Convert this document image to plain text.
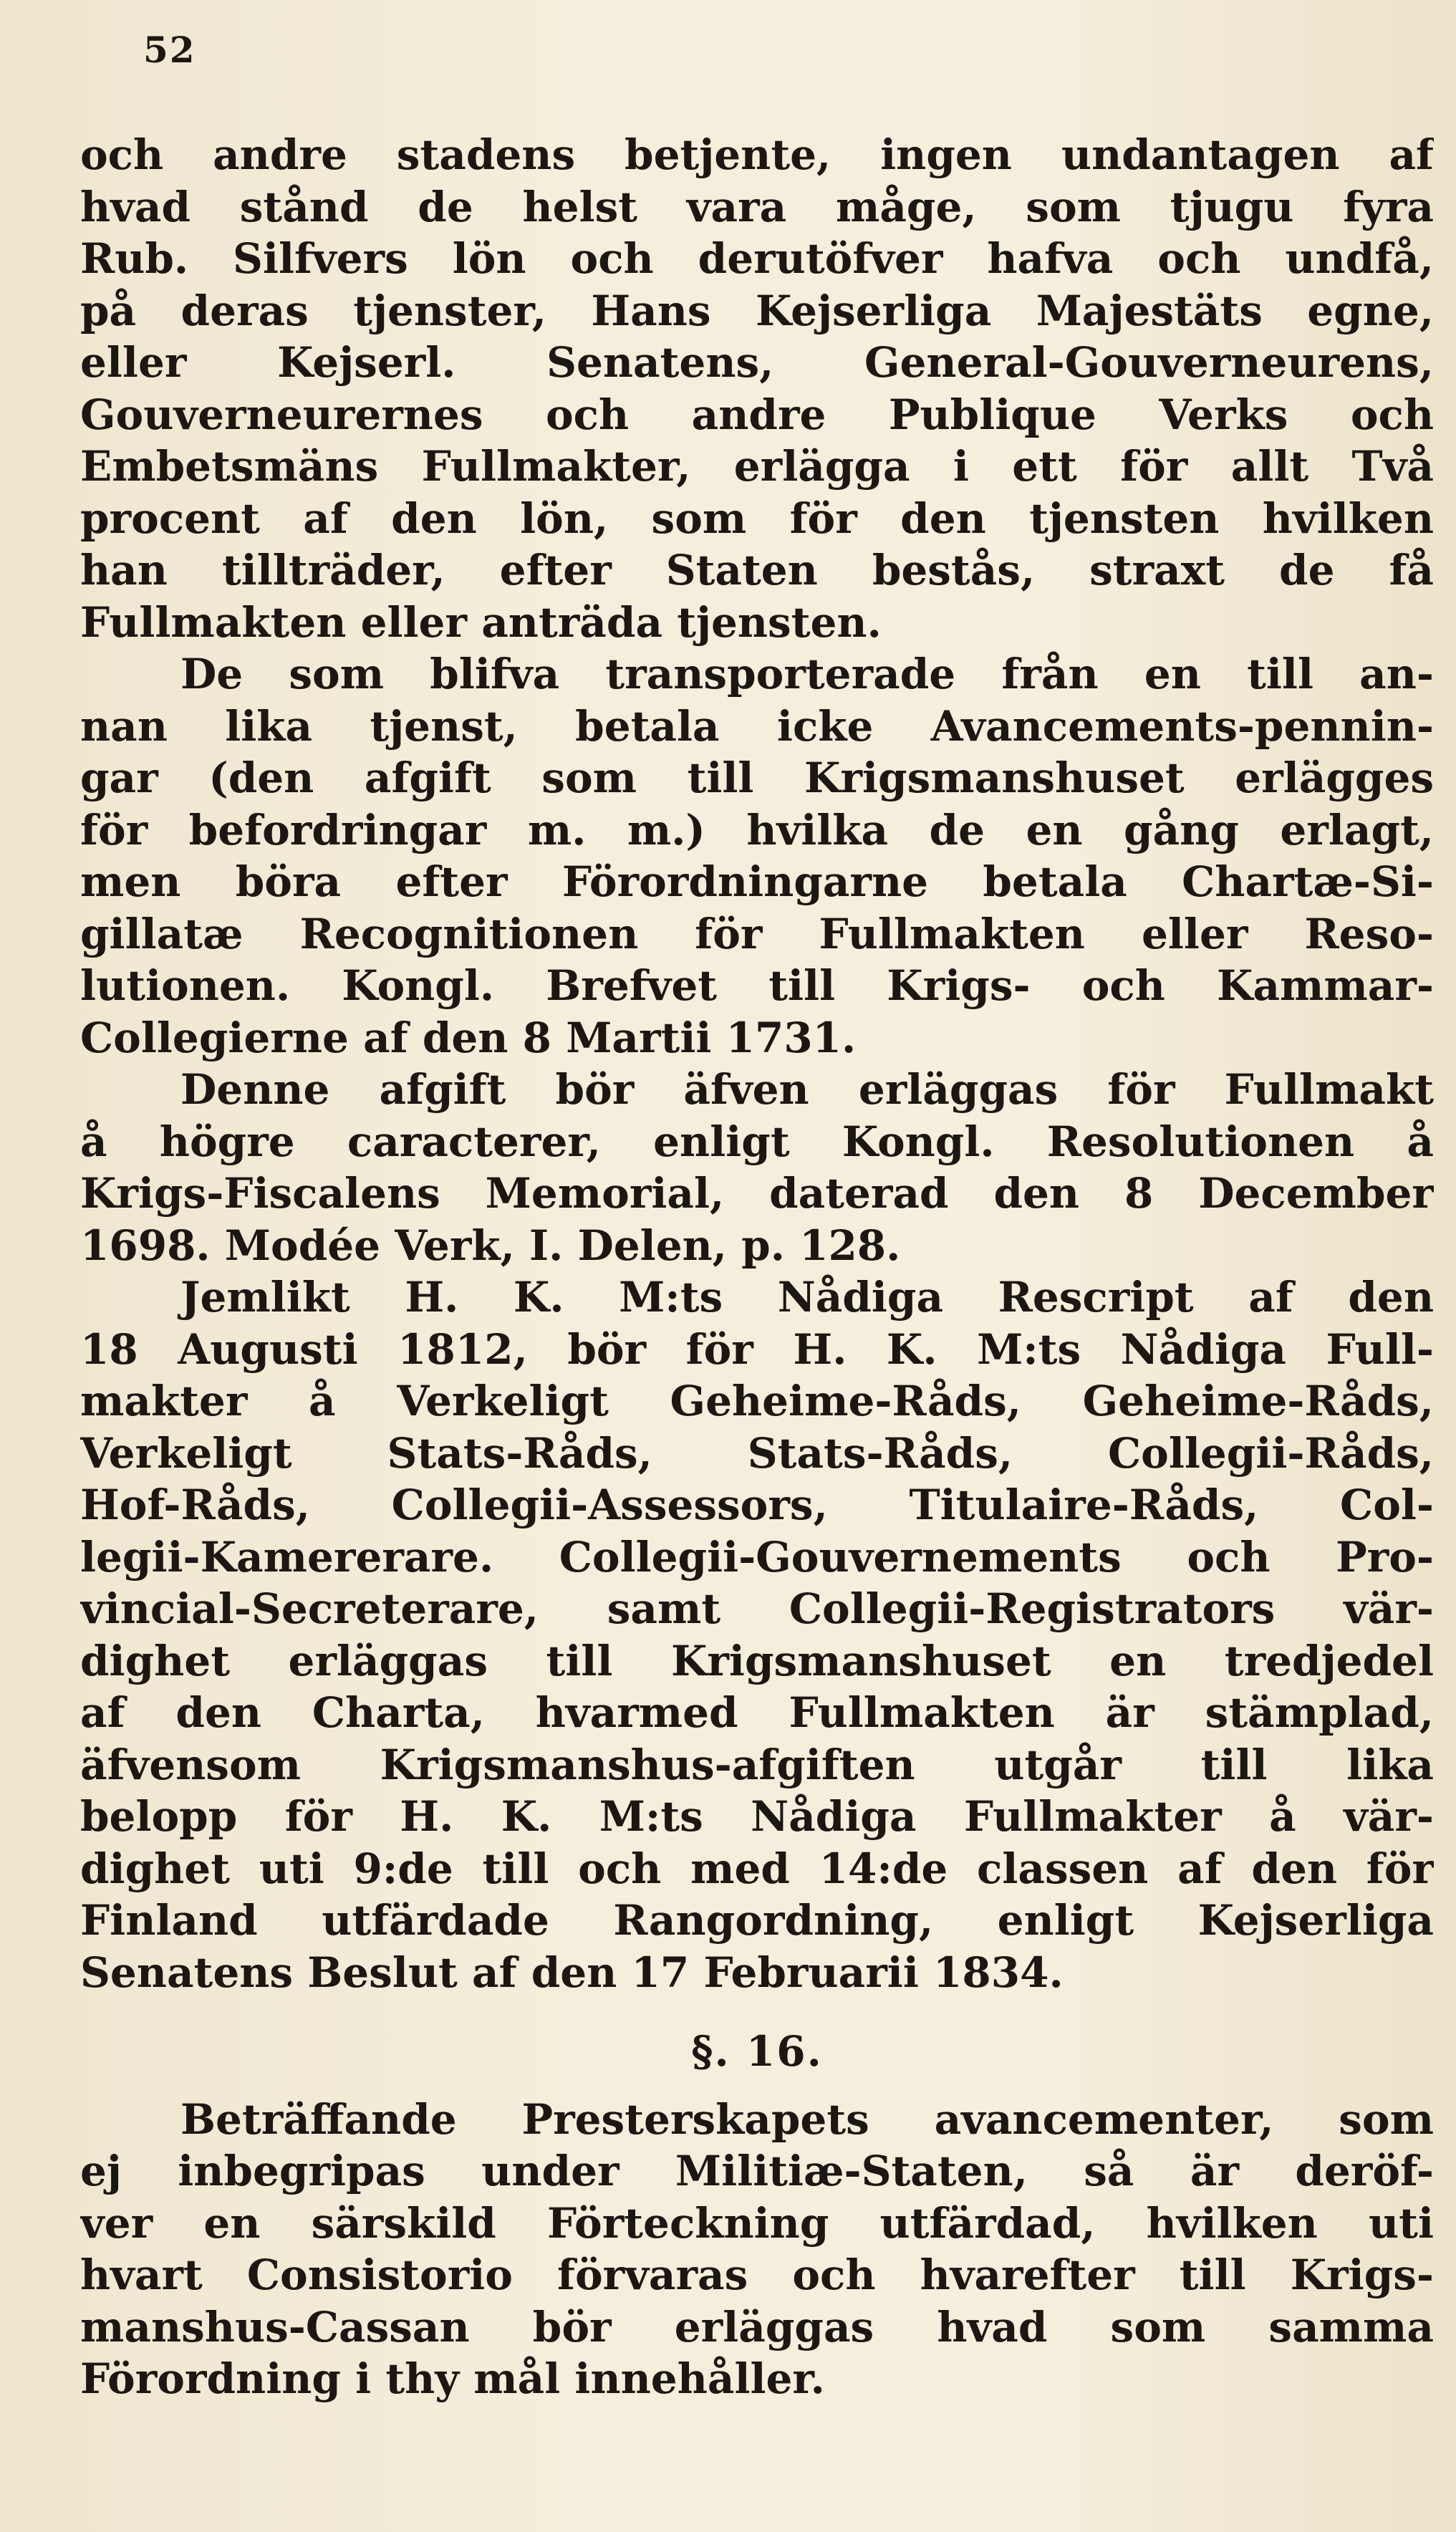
52
och andre stadens betjente, ingen undantagen af
hvad stånd de helst vara måge, som tjugu fyra
Rub. Silfvers lön och derutöfver hafva och undfå,
på deras tjenster, Hans Kejserliga Majestäts egne,
eller Kejserl. Senatens, General-Gouverneurens,
Gouverneurernes och andre Publique Verks och
Embetsmäns Fullmakter, erlägga i ett för allt Två
procent af den lön, som för den tjensten hvilken
han tillträder, efter Staten bestås, straxt de få
Fullmakten eller anträda tjensten.
De som blifva transporterade från en till an-
nan lika tjenst, betala icke Avancements-pennin-
gar (den afgift som till Krigsmanshuset erlägges
för befordringar m. m.) hvilka de en gång erlagt,
men böra efter Förordningarne betala Chartæ-Si-
gillatæ Recognitionen för Fullmakten eller Reso-
lutionen. Kongl. Brefvet till Krigs- och Kammar-
Collegierne af den 8 Martii 1731.
Denne afgift bör äfven erläggas för Fullmakt
å högre caracterer, enligt Kongl. Resolutionen å
Krigs-Fiscalens Memorial, daterad den 8 December
1698. Modée Verk, I. Delen, p. 128.
Jemlikt H. K. M:ts Nådiga Rescript af den
18 Augusti 1812, bör för H. K. M:ts Nådiga Full-
makter å Verkeligt Geheime-Råds, Geheime-Råds,
Verkeligt Stats-Råds, Stats-Råds, Collegii-Råds,
Hof-Råds, Collegii-Assessors, Titulaire-Råds, Col-
legii-Kamererare. Collegii-Gouvernements och Pro-
vincial-Secreterare, samt Collegii-Registrators vär-
dighet erläggas till Krigsmanshuset en tredjedel
af den Charta, hvarmed Fullmakten är stämplad,
äfvensom Krigsmanshus-afgiften utgår till lika
belopp för H. K. M:ts Nådiga Fullmakter å vär-
dighet uti 9:de till och med 14:de classen af den för
Finland utfärdade Rangordning, enligt Kejserliga
Senatens Beslut af den 17 Februarii 1834.
§. 16.
Beträffande Presterskapets avancementer, som
ej inbegripas under Militiæ-Staten, så är deröf-
ver en särskild Förteckning utfärdad, hvilken uti
hvart Consistorio förvaras och hvarefter till Krigs-
manshus-Cassan bör erläggas hvad som samma
Förordning i thy mål innehåller.
